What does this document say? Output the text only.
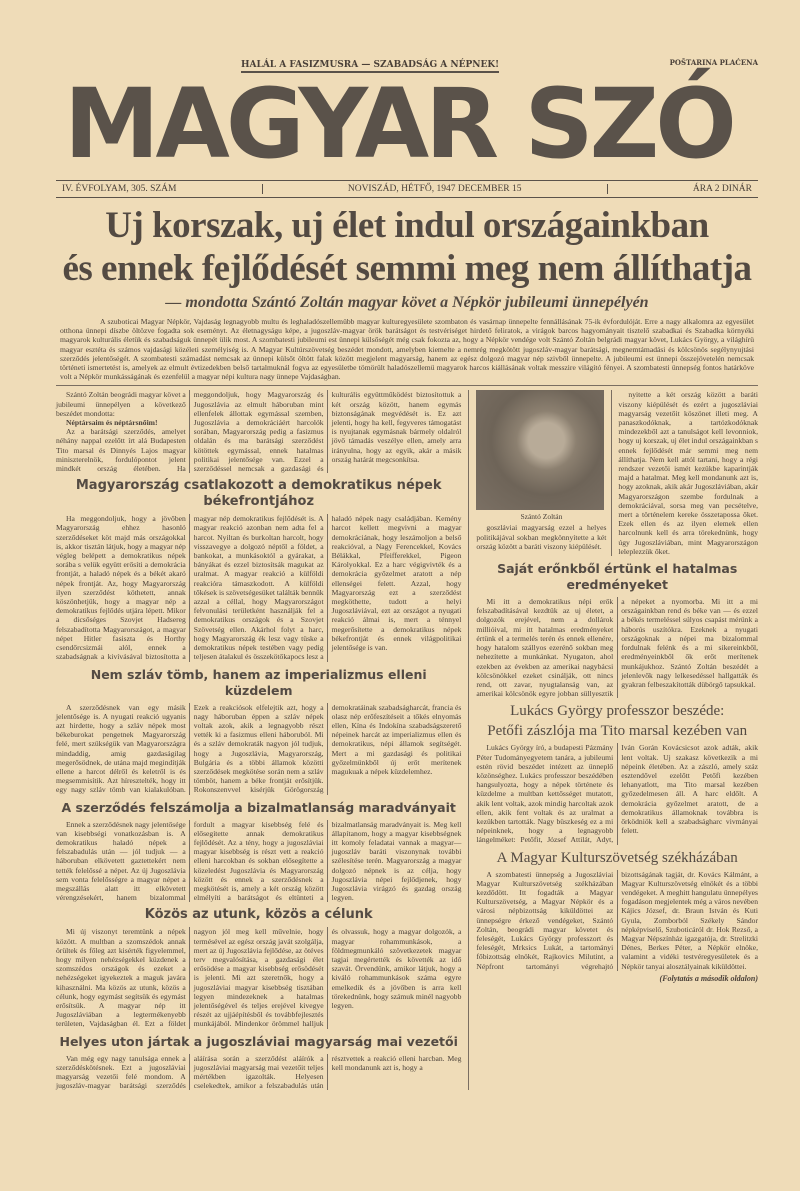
HALÁL A FASIZMUSRA — SZABADSÁG A NÉPNEK!	POŠTARINA PLAĆENA
MAGYAR SZÓ
IV. ÉVFOLYAM, 305. SZÁM	NOVISZÁD, HÉTFŐ, 1947 DECEMBER 15	ÁRA 2 DINÁR
Uj korszak, uj élet indul országainkban
és ennek fejlődését semmi meg nem állíthatja
— mondotta Szántó Zoltán magyar követ a Népkör jubileumi ünnepélyén

A szuboticai Magyar Népkör, Vajdaság legnagyobb multu és leghaladószellemübb magyar kulturegyesülete szombaton és vasárnap ünnepelte fennállásának 75-ik évfordulóját. Erre a nagy alkalomra az egyesület otthona ünnepi díszbe öltözve fogadta sok eseményt. Az életnagyságu képe, a jugoszláv-magyar örök barátságot és testvériséget hirdető feliratok, a virágok barcos hagyományait tisztelő szabadkai és Szabadka környéki magyarok kulturális életük és szabadságuk ünnepét ülik most. A szombatesti jubileumi est ünnepi külsőségét még csak fokozta az, hogy a Népkör vendége volt Szántó Zoltán belgrádi magyar követ, Lukács György, a világhírü magyar esztéta és számos vajdasági közéleti személyiség is. A Magyar Kultúrszövetség beszédet mondott, amelyben kiemelte a nemrég megkötött jugoszláv-magyar barátsági, megnemtámadási és kölcsönös segélynyujtási szerződés jelentőségét. A szombatesti számadást nemcsak az ünnepi külsőt öltött falak között megjelent magyarság, hanem az egész dolgozó magyar nép szivből ünnepelte. A jubileumi est ünnepi összejövetelén nemcsak történeti ismertetést is, amelyek az elmult évtizedekben belső tartalmuknál fogva az egyesületbe tömörült haladószellemü magyarok harcos kiállásának voltak messzire világító fényei. A szombatesti ünnepség fontos határköve volt a Népkör munkásságának és ezenfelül a magyar népi kultura nagy ünnepe Vajdaságban.

Szántó Zoltán beográdi magyar követ a jubileumi ünnepélyen a következő beszédet mondotta:

Néptársaim és néptársnőim!

Az a barátsági szerződés, amelyet néhány nappal ezelőtt írt alá Budapesten Tito marsal és Dinnyés Lajos magyar miniszterelnök, fordulópontot jelent mindkét ország életében. Ha meggondoljuk, hogy Magyarország és Jugoszlávia az elmult háboruban mint ellenfelek állottak egymással szemben, Jugoszlávia a demokráciáért harcolók sorában, Magyarország pedig a fasizmus oldalán és ma barátsági szerződést kötöttek egymással, ennek hatalmas politikai jelentősége van. Ezzel a szerződéssel nemcsak a gazdasági és kulturális együttműködést biztosítottuk a két ország között, hanem egymás biztonságának megvédését is. Ez azt jelenti, hogy ha kell, fegyveres támogatást is nyujtanak egymásnak bármely oldalról jövő támadás veszélye ellen, amely arra irányulna, hogy az egyik, akár a másik ország határát megcsonkítsa.

Magyarország csatlakozott a demokratikus népek békefrontjához

Ha meggondoljuk, hogy a jövőben Magyarország ehhez hasonló szerződéseket köt majd más országokkal is, akkor tisztán látjuk, hogy a magyar nép végleg belépett a demokratikus népek sorába s velük együtt erősíti a demokrácia frontját, a haladó népek és a békét akaró népek frontját. Az, hogy Magyarország ilyen szerződést köthetett, annak köszönhetjük, hogy a magyar nép a demokratikus fejlődés utjára lépett. Mikor a dicsőséges Szovjet Hadsereg felszabadította Magyarországot, a magyar népet Hitler fasiszta és Horthy csendőrcsizmái alól, ennek a szabadságnak a kivívásával biztosította a magyar nép demokratikus fejlődését is. A magyar reakció azonban nem adta fel a harcot. Nyiltan és burkoltan harcolt, hogy visszavegye a dolgozó néptől a földet, a bankokat, a munkásoktól a gyárakat, a bányákat és ezzel biztosítsák magukat az uralmat. A magyar reakció a külföldi reakcióra támaszkodott. A külföldi tőkések is szövetségesüket találták bennük azzal a céllal, hogy Magyarországot felvonulási területként használják fel a demokratikus országok és a Szovjet Szövetség ellen. Akárhol folyt a harc, hogy Magyarország ék lesz vagy tüske a demokratikus népek testében vagy pedig teljesen átalakul és összekötőkapocs lesz a haladó népek nagy családjában. Kemény harcot kellett megvivni a magyar demokráciának, hogy leszámoljon a belső reakcióval, a Nagy Ferencekkel, Kovács Bélákkal, Pfeifferekkel, Pigeon Károlyokkal. Ez a harc végigvivték és a demokrácia győzelmet aratott a nép ellenségei felett. Azzal, hogy Magyarország ezt a szerződést megköthette, tudott a helyi Jugoszláviával, ezt az országot a nyugati reakció álmai is, mert a ténnyel megerősítette a demokratikus népek békefrontját és ennek világpolitikai jelentősége is van.

Nem szláv tömb, hanem az imperializmus elleni küzdelem

A szerződésnek van egy másik jelentősége is. A nyugati reakció ugyanis azt hirdette, hogy a szláv népek most békeburokat pengetnek Magyarország felé, mert szükségük van Magyarországra mindaddig, amig gazdaságilag megerősödnek, de utána majd megindítják ellene a harcot délről és keletről is és megsemmisítik. Azt híresztelték, hogy itt egy nagy szláv tömb van kialakulóban. Ezek a reakciósok elfelejtik azt, hogy a nagy háboruban éppen a szláv népek voltak azok, akik a legnagyobb részt vették ki a fasizmus elleni háboruból. Mi és a szláv demokraták nagyon jól tudjuk, hogy a Jugoszlávia, Magyarország, Bulgária és a többi államok közötti szerződések megkötése során nem a szláv tömböt, hanem a béke frontját erősítjük. Rokonszenvvel kisérjük Görögország demokratáinak szabadságharcát, francia és olasz nép erőfeszítéseit a tőkés elnyomás ellen, Kína és Indokína szabadságszerető népeinek harcát az imperializmus ellen és demokratikus, népi államok segítségét. Mert a mi gazdasági és politikai győzelmünkből új erőt merítenek magukuak a népek küzdelemhez.

A szerződés felszámolja a bizalmatlanság maradványait

Ennek a szerződésnek nagy jelentősége van kisebbségi vonatkozásban is. A demokratikus haladó népek a felszabadulás után — jól tudjuk — a háboruban elkövetett gaztettekért nem tették felelőssé a népet. Az új Jugoszlávia sem vonta felelősségre a magyar népet a megszállás alatt itt elkövetett vérengzésekért, hanem bizalommal fordult a magyar kisebbség felé és elősegítette annak demokratikus fejlődését. Az a tény, hogy a jugoszláviai magyar kisebbség is részt vett a reakció elleni harcokban és sokban elősegítette a közeledést Jugoszlávia és Magyarország között és ennek a szerződésnek a megkötését is, amely a két ország között elmélyíti a barátságot és eltünteti a bizalmatlanság maradványait is. Meg kell állapítanom, hogy a magyar kisebbségnek itt komoly feladatai vannak a magyar—jugoszláv baráti viszonynak további szélesítése terén. Magyarország a magyar dolgozó népnek is az célja, hogy Jugoszlávia népei fejlődjenek, hogy Jugoszlávia virágzó és gazdag ország legyen.

Közös az utunk, közös a célunk

Mi új viszonyt teremtünk a népek között. A multban a szomszédok annak örültek és főleg azt kisérték figyelemmel, hogy milyen nehézségekkel küzdenek a szomszédos országok és ezeket a nehézségeket igyekeztek a maguk javára kihasználni. Ma közös az utunk, közös a célunk, hogy egymást segítsük és egymást erősítsük. A magyar nép itt Jugoszláviában a legtermékenyebb területen, Vajdaságban él. Ezt a földet nagyon jól meg kell művelnie, hogy termésével az egész ország javát szolgálja, mert az új Jugoszlávia fejlődése, az ötéves terv megvalósítása, a gazdasági élet erősödése a magyar kisebbség erősödését is jelenti. Mi azt szeretnők, hogy a jugoszláviai magyar kisebbség tisztában legyen mindezeknek a hatalmas jelentőségével és teljes erejével kivegye részét az ujjáépítésből és továbbfejlesztés munkájából. Mindenkor örömmel halljuk és olvassuk, hogy a magyar dolgozók, a magyar rohammunkások, a földmegmunkáló szövetkezetek magyar tagjai megértették és követték az idő szavát. Örvendünk, amikor látjuk, hogy a kiváló rohammunkások száma egyre emelkedik és a jövőben is arra kell törekednünk, hogy számuk minél nagyobb legyen.

Helyes uton jártak a jugoszláviai magyarság mai vezetői

Van még egy nagy tanulsága ennek a szerződéskötésnek. Ezt a jugoszláviai magyarság vezetői felé mondom. A jugoszláv-magyar barátsági szerződés aláírása során a szerződést aláírók a jugoszláviai magyarság mai vezetőit teljes mértékben igazolták. Helyesen cselekedtek, amikor a felszabadulás után résztvettek a reakció elleni harcban. Meg kell mondanunk azt is, hogy a

Szántó Zoltán

goszláviai magyarság ezzel a helyes politikájával sokban megkönnyítette a két ország között a baráti viszony kiépülését.

nyitette a két ország között a baráti viszony kiépülését és ezért a jugoszláviai magyarság vezetőit köszönet illeti meg. A panaszkodóknak, a tartózkodóknak mindezekből azt a tanulságot kell levonniok, hogy uj korszak, uj élet indul országainkban s ennek fejlődését már semmi meg nem állíthatja. Nem kell attól tartani, hogy a régi rendszer vezetői ismét kezükbe kaparintják majd a hatalmat. Meg kell mondanunk azt is, hogy azoknak, akik akár Jugoszláviában, akár Magyarországon szembe fordulnak a demokráciával, sorsa meg van pecsételve, mert a történelem kereke összetapossa őket. Ezek ellen és az ilyen elemek ellen harcolnunk kell és arra törekednünk, hogy úgy Jugoszláviában, mint Magyarországon leleplezzük őket.

Saját erőnkből értünk el hatalmas eredményeket

Mi itt a demokratikus népi erők felszabadításával kezdtük az uj életet, a dolgozók erejével, nem a dollárok millióival, mi itt hatalmas eredményeket értünk el a termelés terén és ennek ellenére, hogy hatalom szállyos ezerénő sokban meg nehezítette a munkánkat. Nyugaton, ahol ezekben az években az amerikai nagybácsi kölcsönökkel ezeket csinálják, ott nincs rend, ott zavar, nyugtalanság van, az amerikai kölcsönök egyre jobban süllyesztik a népeket a nyomorba. Mi itt a mi országainkban rend és béke van — és ezzel a békés termeléssel súlyos csapást mérünk a háborús uszítókra. Ezeknek a nyugati országoknak a népei ma bizalommal fordulnak felénk és a mi sikereinkből, eredményeinkből ők erőt merítenek munkájukhoz. Szántó Zoltán beszédét a jelenlevők nagy lelkesedéssel hallgatták és gyakran felbeszakították dübörgő tapsukkal.

Lukács György professzor beszéde:
Petőfi zászlója ma Tito marsal kezében van

Lukács György író, a budapesti Pázmány Péter Tudományegyetem tanára, a jubileumi estén rövid beszédet intézett az ünneplő közönséghez. Lukács professzor beszédében hangsulyozta, hogy a népek története és küzdelme a multban kettősséget mutatott, akik lent voltak, azok mindig harcoltak azok ellen, akik fent voltak és az uralmat a kezükben tartották. Nagy büszkeség ez a mi népeinknek, hogy a legnagyobb lángelméket: Petőfit, József Attilát, Adyt, Iván Gorán Kovácsicsot azok adták, akik lent voltak. Uj szakasz következik a mi népeink életében. Az a zászló, amely száz esztendővel ezelőtt Petőfi kezében lehanyatlott, ma Tito marsal kezében győzedelmesen áll. A harc eldőlt. A demokrácia győzelmet aratott, de a demokratikus államoknak továbbra is őrködniök kell a szabadságharc vivmányai felett.

A Magyar Kulturszövetség székházában

A szombatesti ünnepség a Jugoszláviai Magyar Kulturszövetség székházában kezdődött. Itt fogadták a Magyar Kulturszövetség, a Magyar Népkör és a városi népbizottság kiküldöttei az ünnepségre érkező vendégeket, Szántó Zoltán, beográdi magyar követet és feleségét, Lukács György professzort és feleségét, Mrksics Lukát, a tartományi főbizottság elnökét, Rajkovics Milutint, a Népfront tartományi végrehajtó bizottságának tagját, dr. Kovács Kálmánt, a Magyar Kulturszövetség elnökét és a többi vendégeket. A meghitt hangulatu ünnepélyes fogadáson megjelentek még a város nevében Kájics József, dr. Braun István és Kuti Gyula, Zomborból Székely Sándor népképviselő, Szuboticáról dr. Hok Rezső, a Magyar Népszínház igazgatója, dr. Strelitzki Dénes, Berkes Péter, a Népkör elnöke, valamint a vidéki testvéregyesületek és a Népkör tanyai alosztályainak kiküldöttei.

(Folytatás a második oldalon)
